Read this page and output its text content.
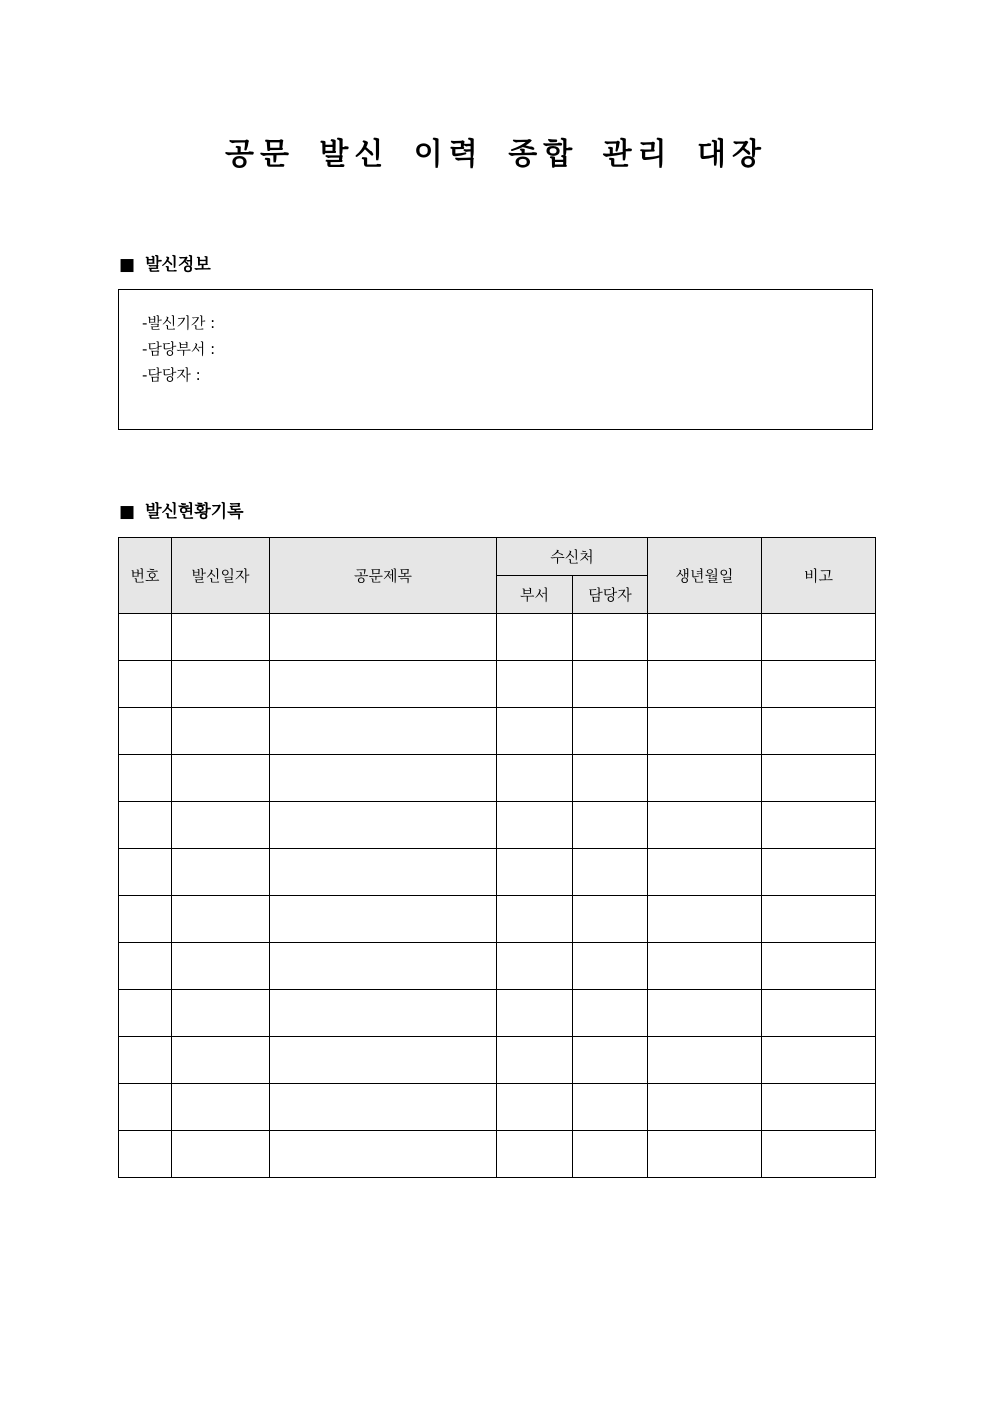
공문 발신 이력 종합 관리 대장
■ 발신정보
-발신기간 :
-담당부서 :
-담당자 :
■ 발신현황기록
번호	발신일자	공문제목	수신처		생년월일	비고
			부서	담당자		
